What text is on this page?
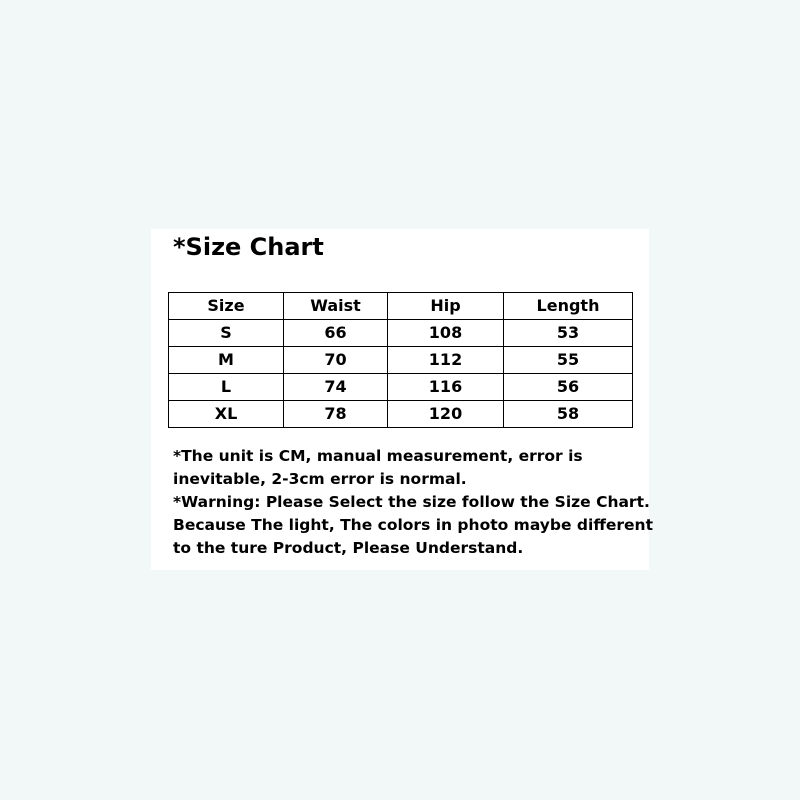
*Size Chart
Size	Waist	Hip	Length
S	66	108	53
M	70	112	55
L	74	116	56
XL	78	120	58

*The unit is CM, manual measurement, error is

inevitable, 2-3cm error is normal.

*Warning: Please Select the size follow the Size Chart.

Because The light, The colors in photo maybe different

to the ture Product, Please Understand.
